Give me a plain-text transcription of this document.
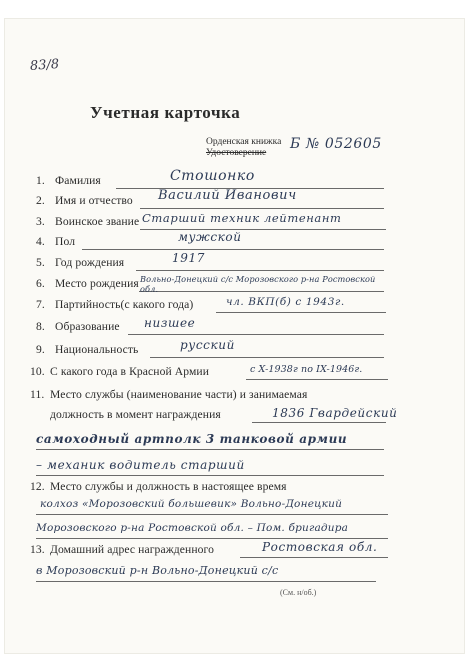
83/8
Учетная карточка
Орденская книжка
Удостоверение
Б № 052605
1. Фамилия	Стошонко
2. Имя и отчество Василий Иванович
3. Воинское звание Старший техник лейтенант
4. Пол	мужской
5. Год рождения	1917
6. Место рождения Вольно-Донецкий с/с Морозовского р-на Ростовской обл.
7. Партийность(с какого года)	чл. ВКП(б) с 1943г.
8. Образование низшее
9. Национальность	русский
10. С какого года в Красной Армии	с X-1938г по IX-1946г.
11. Место службы (наименование части) и занимаемая
должность в момент награждения	1836 Гвардейский
самоходный артполк 3 танковой армии
– механик водитель старший
12. Место службы и должность в настоящее время
колхоз «Морозовский большевик» Вольно-Донецкий
Морозовского р-на Ростовской обл. – Пом. бригадира
13. Домашний адрес награжденного	Ростовская обл.
в Морозовский р-н Вольно-Донецкий с/с
(См. н/об.)
